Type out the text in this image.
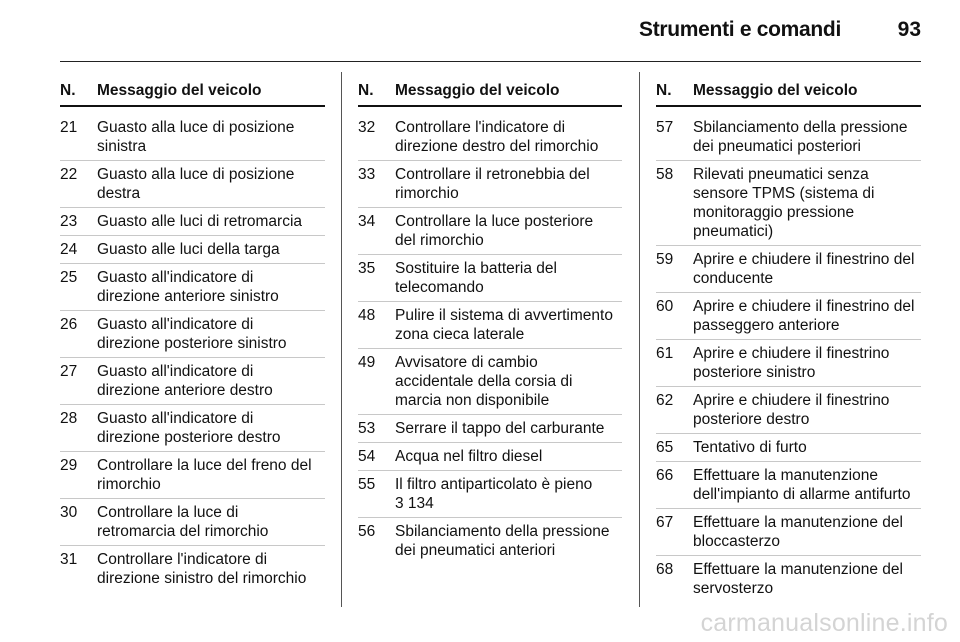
Strumenti e comandi	93
N.	Messaggio del veicolo
21	Guasto alla luce di posizione
sinistra
22	Guasto alla luce di posizione
destra
23	Guasto alle luci di retromarcia
24	Guasto alle luci della targa
25	Guasto all'indicatore di
direzione anteriore sinistro
26	Guasto all'indicatore di
direzione posteriore sinistro
27	Guasto all'indicatore di
direzione anteriore destro
28	Guasto all'indicatore di
direzione posteriore destro
29	Controllare la luce del freno del
rimorchio
30	Controllare la luce di
retromarcia del rimorchio
31	Controllare l'indicatore di
direzione sinistro del rimorchio
N.	Messaggio del veicolo
32	Controllare l'indicatore di
direzione destro del rimorchio
33	Controllare il retronebbia del
rimorchio
34	Controllare la luce posteriore
del rimorchio
35	Sostituire la batteria del
telecomando
48	Pulire il sistema di avvertimento
zona cieca laterale
49	Avvisatore di cambio
accidentale della corsia di
marcia non disponibile
53	Serrare il tappo del carburante
54	Acqua nel filtro diesel
55	Il filtro antiparticolato è pieno
3 134
56	Sbilanciamento della pressione
dei pneumatici anteriori
N.	Messaggio del veicolo
57	Sbilanciamento della pressione
dei pneumatici posteriori
58	Rilevati pneumatici senza
sensore TPMS (sistema di
monitoraggio pressione
pneumatici)
59	Aprire e chiudere il finestrino del
conducente
60	Aprire e chiudere il finestrino del
passeggero anteriore
61	Aprire e chiudere il finestrino
posteriore sinistro
62	Aprire e chiudere il finestrino
posteriore destro
65	Tentativo di furto
66	Effettuare la manutenzione
dell'impianto di allarme antifurto
67	Effettuare la manutenzione del
bloccasterzo
68	Effettuare la manutenzione del
servosterzo
carmanualsonline.info
